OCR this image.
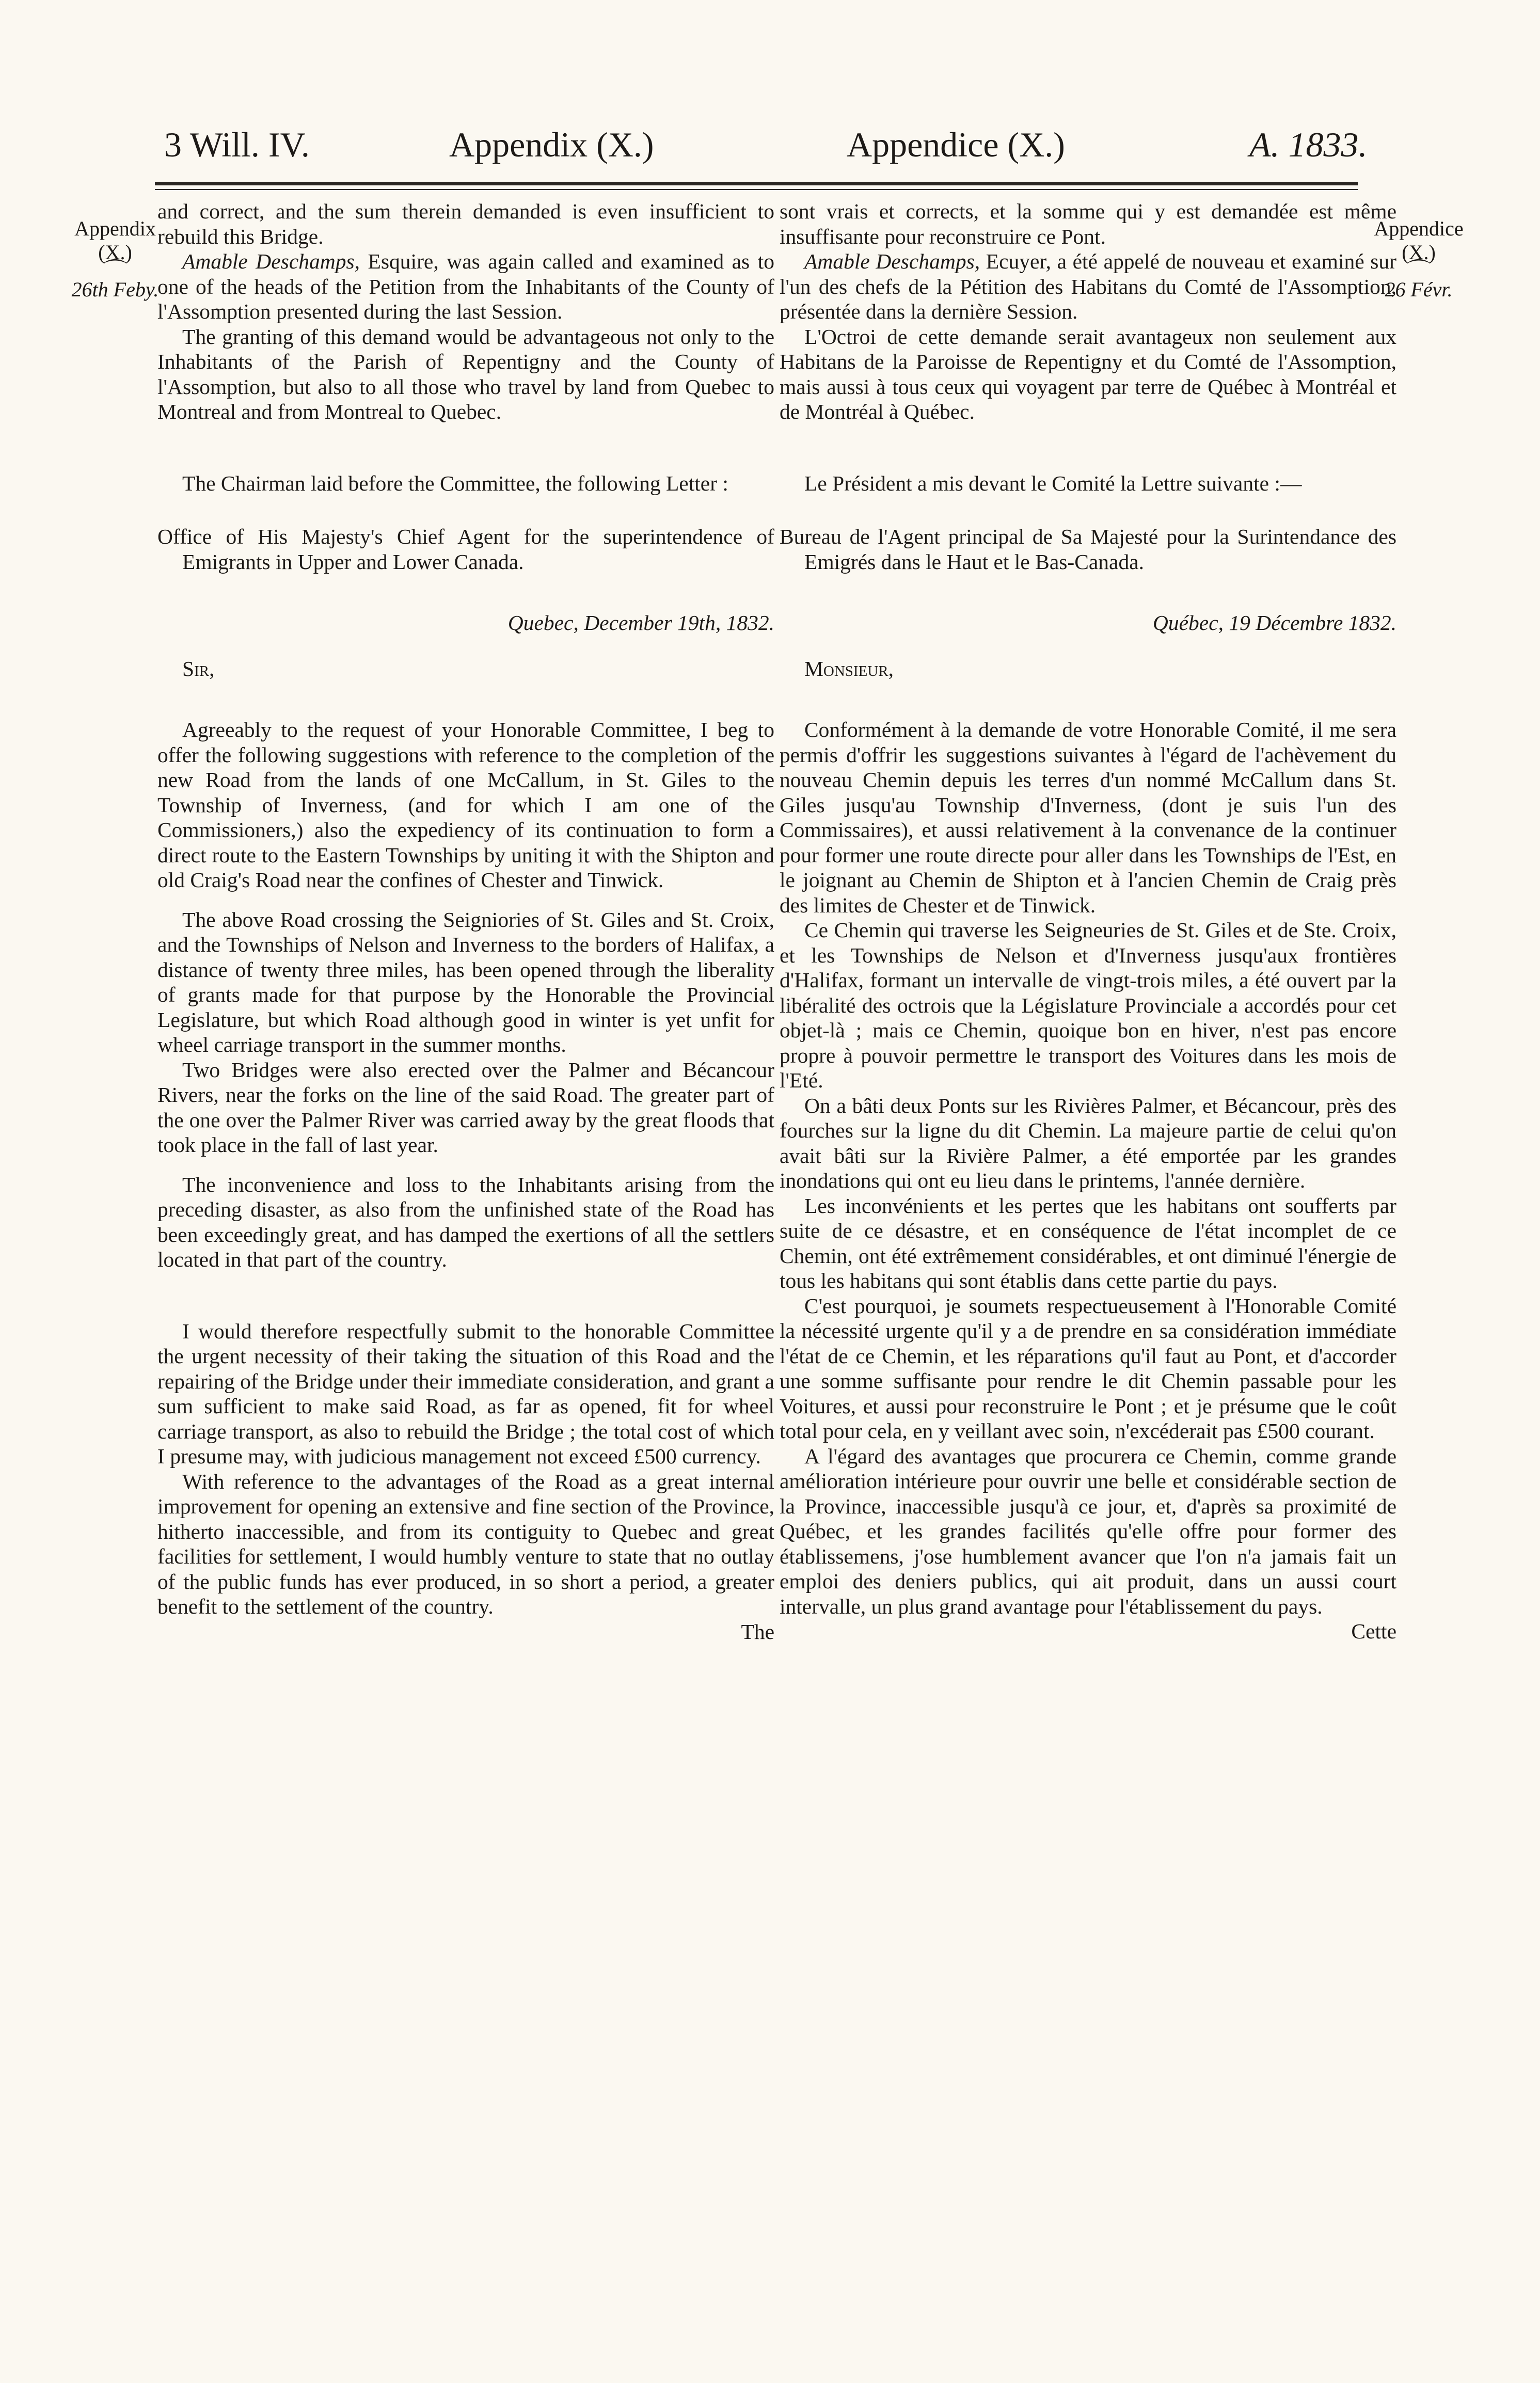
3 Will. IV.	Appendix (X.)	Appendice (X.)	A. 1833.
Appendix
(X.)
⌒
26th Feby.
Appendice
(X.)
⌒
26 Févr.

and correct, and the sum therein demanded is even insufficient to rebuild this Bridge.

Amable Deschamps, Esquire, was again called and examined as to one of the heads of the Petition from the Inhabitants of the County of l'Assomption presented during the last Session.

The granting of this demand would be advantageous not only to the Inhabitants of the Parish of Repentigny and the County of l'Assomption, but also to all those who travel by land from Quebec to Montreal and from Montreal to Quebec.

The Chairman laid before the Committee, the following Letter :

Office of His Majesty's Chief Agent for the superintendence of Emigrants in Upper and Lower Canada.

Quebec, December 19th, 1832.

Sir,

Agreeably to the request of your Honorable Committee, I beg to offer the following suggestions with reference to the completion of the new Road from the lands of one McCallum, in St. Giles to the Township of Inverness, (and for which I am one of the Commissioners,) also the expediency of its continuation to form a direct route to the Eastern Townships by uniting it with the Shipton and old Craig's Road near the confines of Chester and Tinwick.

The above Road crossing the Seigniories of St. Giles and St. Croix, and the Townships of Nelson and Inverness to the borders of Halifax, a distance of twenty three miles, has been opened through the liberality of grants made for that purpose by the Honorable the Provincial Legislature, but which Road although good in winter is yet unfit for wheel carriage transport in the summer months.

Two Bridges were also erected over the Palmer and Bécancour Rivers, near the forks on the line of the said Road. The greater part of the one over the Palmer River was carried away by the great floods that took place in the fall of last year.

The inconvenience and loss to the Inhabitants arising from the preceding disaster, as also from the unfinished state of the Road has been exceedingly great, and has damped the exertions of all the settlers located in that part of the country.

I would therefore respectfully submit to the honorable Committee the urgent necessity of their taking the situation of this Road and the repairing of the Bridge under their immediate consideration, and grant a sum sufficient to make said Road, as far as opened, fit for wheel carriage transport, as also to rebuild the Bridge ; the total cost of which I presume may, with judicious management not exceed £500 currency.

With reference to the advantages of the Road as a great internal improvement for opening an extensive and fine section of the Province, hitherto inaccessible, and from its contiguity to Quebec and great facilities for settlement, I would humbly venture to state that no outlay of the public funds has ever produced, in so short a period, a greater benefit to the settlement of the country.

The

sont vrais et corrects, et la somme qui y est demandée est même insuffisante pour reconstruire ce Pont.

Amable Deschamps, Ecuyer, a été appelé de nouveau et examiné sur l'un des chefs de la Pétition des Habitans du Comté de l'Assomption, présentée dans la dernière Session.

L'Octroi de cette demande serait avantageux non seulement aux Habitans de la Paroisse de Repentigny et du Comté de l'Assomption, mais aussi à tous ceux qui voyagent par terre de Québec à Montréal et de Montréal à Québec.

Le Président a mis devant le Comité la Lettre suivante :—

Bureau de l'Agent principal de Sa Majesté pour la Surintendance des Emigrés dans le Haut et le Bas-Canada.

Québec, 19 Décembre 1832.

Monsieur,

Conformément à la demande de votre Honorable Comité, il me sera permis d'offrir les suggestions suivantes à l'égard de l'achèvement du nouveau Chemin depuis les terres d'un nommé McCallum dans St. Giles jusqu'au Township d'Inverness, (dont je suis l'un des Commissaires), et aussi relativement à la convenance de la continuer pour former une route directe pour aller dans les Townships de l'Est, en le joignant au Chemin de Shipton et à l'ancien Chemin de Craig près des limites de Chester et de Tinwick.

Ce Chemin qui traverse les Seigneuries de St. Giles et de Ste. Croix, et les Townships de Nelson et d'Inverness jusqu'aux frontières d'Halifax, formant un intervalle de vingt-trois miles, a été ouvert par la libéralité des octrois que la Législature Provinciale a accordés pour cet objet-là ; mais ce Chemin, quoique bon en hiver, n'est pas encore propre à pouvoir permettre le transport des Voitures dans les mois de l'Eté.

On a bâti deux Ponts sur les Rivières Palmer, et Bécancour, près des fourches sur la ligne du dit Chemin. La majeure partie de celui qu'on avait bâti sur la Rivière Palmer, a été emportée par les grandes inondations qui ont eu lieu dans le printems, l'année dernière.

Les inconvénients et les pertes que les habitans ont soufferts par suite de ce désastre, et en conséquence de l'état incomplet de ce Chemin, ont été extrêmement considérables, et ont diminué l'énergie de tous les habitans qui sont établis dans cette partie du pays.

C'est pourquoi, je soumets respectueusement à l'Honorable Comité la nécessité urgente qu'il y a de prendre en sa considération immédiate l'état de ce Chemin, et les réparations qu'il faut au Pont, et d'accorder une somme suffisante pour rendre le dit Chemin passable pour les Voitures, et aussi pour reconstruire le Pont ; et je présume que le coût total pour cela, en y veillant avec soin, n'excéderait pas £500 courant.

A l'égard des avantages que procurera ce Chemin, comme grande amélioration intérieure pour ouvrir une belle et considérable section de la Province, inaccessible jusqu'à ce jour, et, d'après sa proximité de Québec, et les grandes facilités qu'elle offre pour former des établissemens, j'ose humblement avancer que l'on n'a jamais fait un emploi des deniers publics, qui ait produit, dans un aussi court intervalle, un plus grand avantage pour l'établissement du pays.

Cette
